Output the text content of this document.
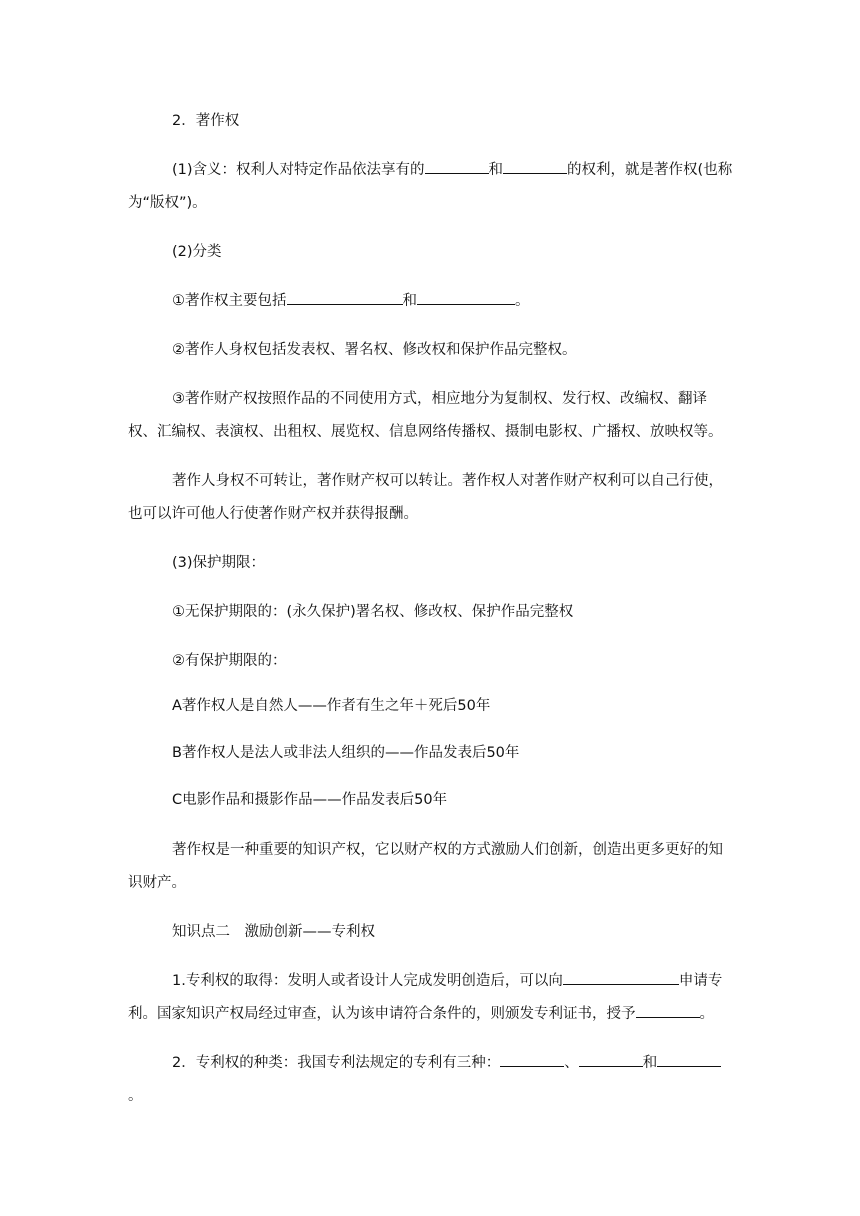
2．著作权

(1)含义：权利人对特定作品依法享有的	和	的权利，就是著作权(也称为“版权”)。

(2)分类

①著作权主要包括	和	。

②著作人身权包括发表权、署名权、修改权和保护作品完整权。

③著作财产权按照作品的不同使用方式，相应地分为复制权、发行权、改编权、翻译权、汇编权、表演权、出租权、展览权、信息网络传播权、摄制电影权、广播权、放映权等。

著作人身权不可转让，著作财产权可以转让。著作权人对著作财产权利可以自己行使，也可以许可他人行使著作财产权并获得报酬。

(3)保护期限：

①无保护期限的：(永久保护)署名权、修改权、保护作品完整权

②有保护期限的：

A著作权人是自然人——作者有生之年＋死后50年

B著作权人是法人或非法人组织的——作品发表后50年

C电影作品和摄影作品——作品发表后50年

著作权是一种重要的知识产权，它以财产权的方式激励人们创新，创造出更多更好的知识财产。

知识点二　激励创新——专利权

1.专利权的取得：发明人或者设计人完成发明创造后，可以向	申请专利。国家知识产权局经过审查，认为该申请符合条件的，则颁发专利证书，授予	。

2．专利权的种类：我国专利法规定的专利有三种：	、	和。
